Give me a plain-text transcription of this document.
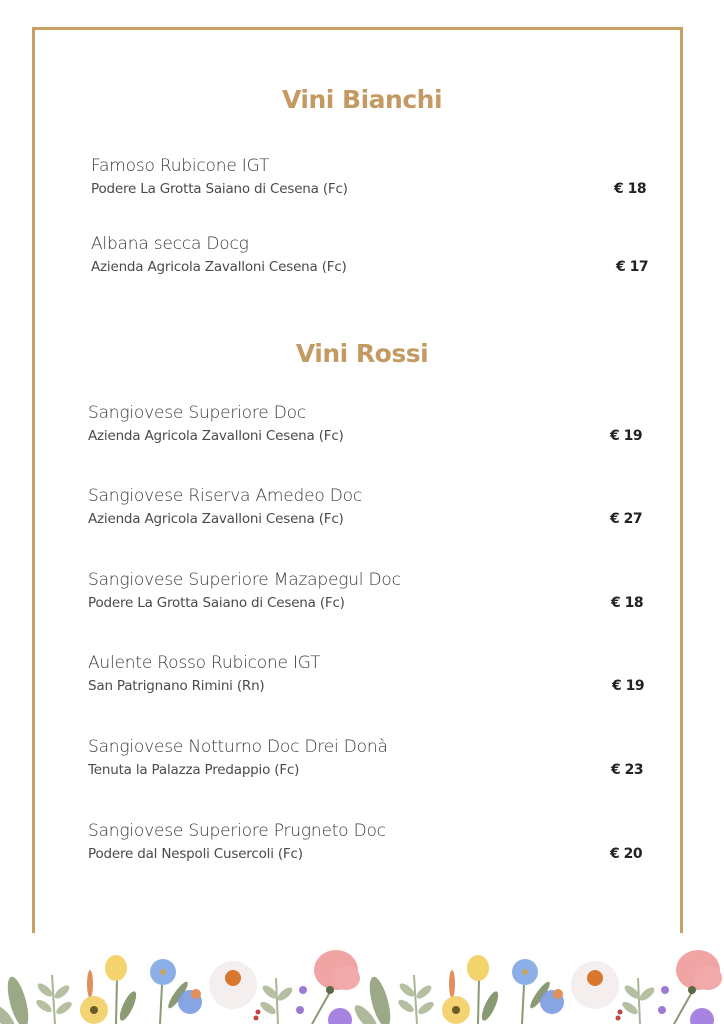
Vini Bianchi
Famoso Rubicone IGT
Podere La Grotta Saiano di Cesena (Fc)	€ 18
Albana secca Docg
Azienda Agricola Zavalloni Cesena (Fc)	€ 17
Vini Rossi
Sangiovese Superiore Doc
Azienda Agricola Zavalloni Cesena (Fc)	€ 19
Sangiovese Riserva Amedeo Doc
Azienda Agricola Zavalloni Cesena (Fc)	€ 27
Sangiovese Superiore Mazapegul Doc
Podere La Grotta Saiano di Cesena (Fc)	€ 18
Aulente Rosso Rubicone IGT
San Patrignano Rimini (Rn)	€ 19
Sangiovese Notturno Doc Drei Donà
Tenuta la Palazza Predappio (Fc)	€ 23
Sangiovese Superiore Prugneto Doc
Podere dal Nespoli Cusercoli (Fc)	€ 20
